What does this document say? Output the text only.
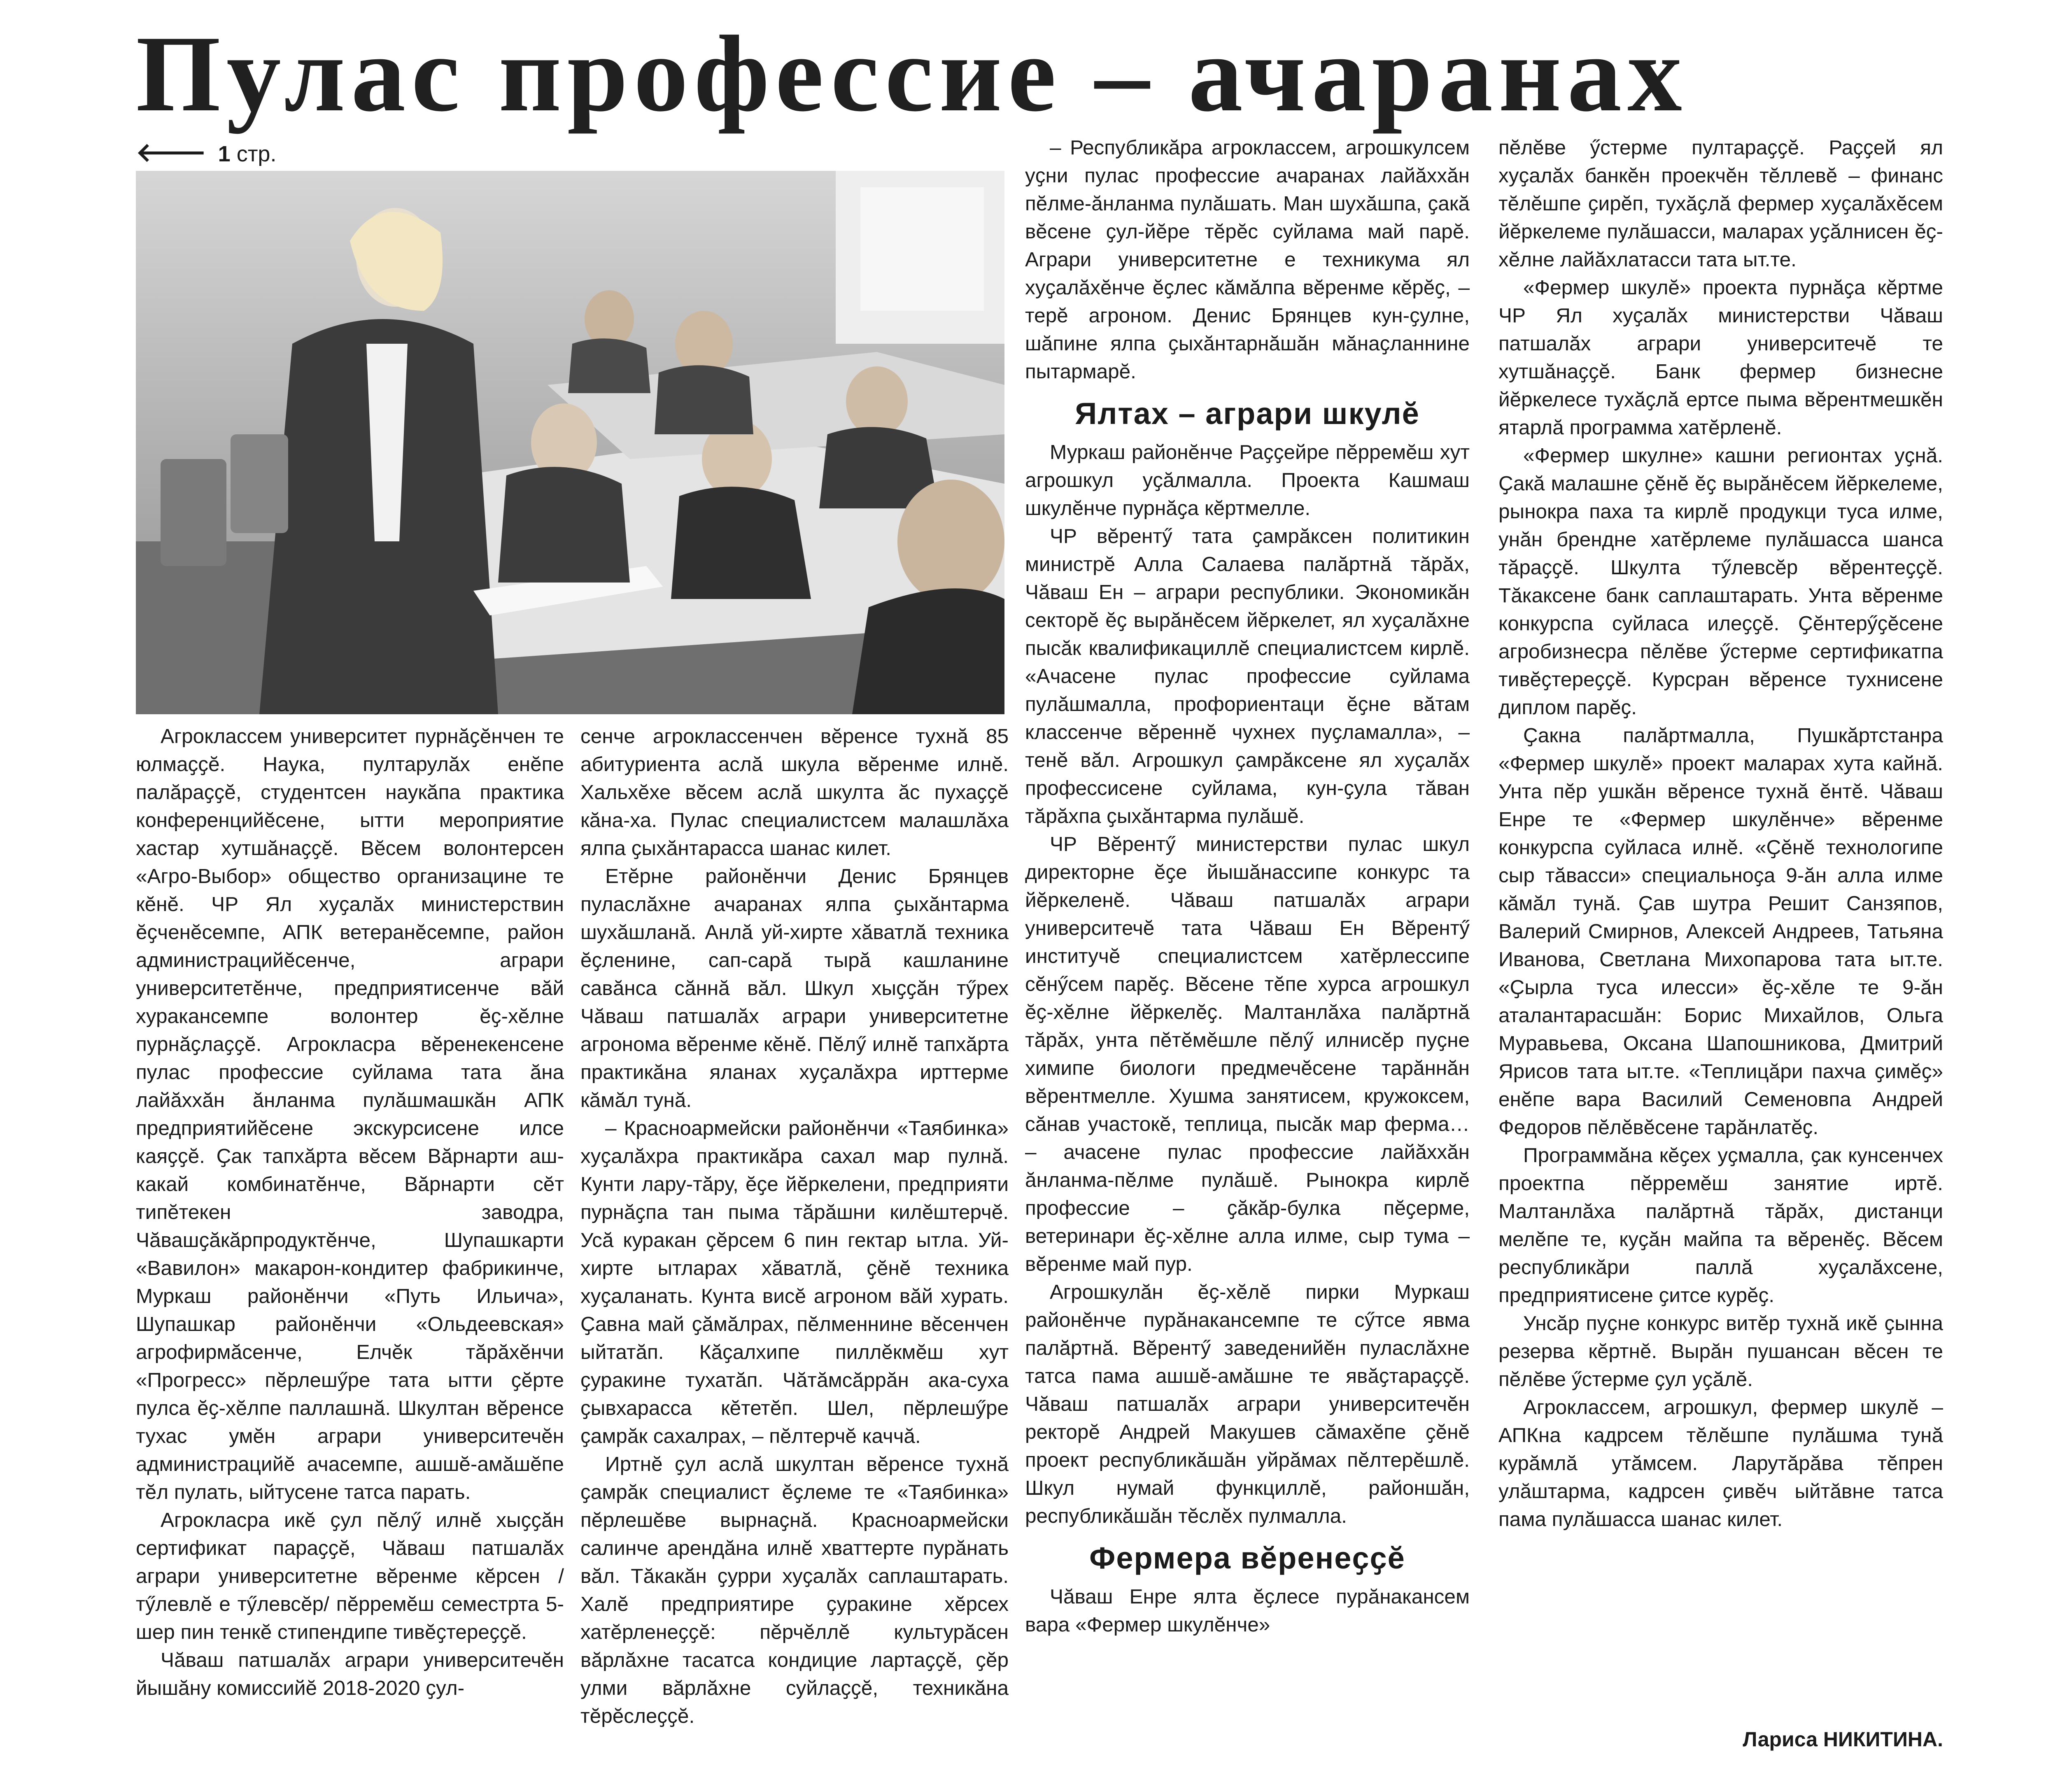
Пулас профессие – ачаранах
🡐 1 стр.

Агроклассем университет пурнӑҫӗнчен те юлмаҫҫӗ. Наука, пултарулӑх енӗпе палӑраҫҫӗ, студентсен наукӑпа практика конференцийӗсене, ытти мероприятие хастар хутшӑнаҫҫӗ. Вӗсем волонтерсен «Агро-Выбор» общество организацине те кӗнӗ. ЧР Ял хуҫалӑх министерствин ӗҫченӗсемпе, АПК ветеранӗсемпе, район администрацийӗсенче, аграри университетӗнче, предприятисенче вӑй хуракансемпе волонтер ӗҫ-хӗлне пурнӑҫлаҫҫӗ. Агрокласра вӗренекенсене пулас профессие суйлама тата ӑна лайӑххӑн ӑнланма пулӑшмашкӑн АПК предприятийӗсене экскурсисене илсе каяҫҫӗ. Ҫак тапхӑрта вӗсем Вӑрнарти аш-какай комбинатӗнче, Вӑрнарти сӗт типӗтекен заводра, Чӑвашҫӑкӑрпродуктӗнче, Шупашкарти «Вавилон» макарон-кондитер фабрикинче, Муркаш районӗнчи «Путь Ильича», Шупашкар районӗнчи «Ольдеевская» агрофирмӑсенче, Елчӗк тӑрӑхӗнчи «Прогресс» пӗрлешӳре тата ытти ҫӗрте пулса ӗҫ-хӗлпе паллашнӑ. Шкултан вӗренсе тухас умӗн аграри университечӗн администрацийӗ ачасемпе, ашшӗ-амӑшӗпе тӗл пулать, ыйтусене татса парать.

Агрокласра икӗ ҫул пӗлӳ илнӗ хыҫҫӑн сертификат параҫҫӗ, Чӑваш патшалӑх аграри университетне вӗренме кӗрсен /тӳлевлӗ е тӳлевсӗр/ пӗрремӗш семестрта 5-шер пин тенкӗ стипендипе тивӗҫтереҫҫӗ.

Чӑваш патшалӑх аграри университечӗн йышӑну комиссийӗ 2018-2020 ҫул-

сенче агроклассенчен вӗренсе тухнӑ 85 абитуриента аслӑ шкула вӗренме илнӗ. Хальхӗхе вӗсем аслӑ шкулта ӑс пухаҫҫӗ кӑна-ха. Пулас специалистсем малашлӑха ялпа ҫыхӑнтарасса шанас килет.

Етӗрне районӗнчи Денис Брянцев пуласлӑхне ачаранах ялпа ҫыхӑнтарма шухӑшланӑ. Анлӑ уй-хирте хӑватлӑ техника ӗҫленине, сап-сарӑ тырӑ кашланине савӑнса сӑннӑ вӑл. Шкул хыҫҫӑн тӳрех Чӑваш патшалӑх аграри университетне агронома вӗренме кӗнӗ. Пӗлӳ илнӗ тапхӑрта практикӑна яланах хуҫалӑхра ирттерме кӑмӑл тунӑ.

– Красноармейски районӗнчи «Таябинка» хуҫалӑхра практикӑра сахал мар пулнӑ. Кунти лару-тӑру, ӗҫе йӗркелени, предприяти пурнӑҫпа тан пыма тӑрӑшни килӗштерчӗ. Усӑ куракан ҫӗрсем 6 пин гектар ытла. Уй-хирте ытларах хӑватлӑ, ҫӗнӗ техника хуҫаланать. Кунта висӗ агроном вӑй хурать. Ҫавна май ҫӑмӑлрах, пӗлменнине вӗсенчен ыйтатӑп. Кӑҫалхипе пиллӗкмӗш хут ҫуракине тухатӑп. Чӑтӑмсӑррӑн ака-суха ҫывхарасса кӗтетӗп. Шел, пӗрлешӳре ҫамрӑк сахалрах, – пӗлтерчӗ каччӑ.

Иртнӗ ҫул аслӑ шкултан вӗренсе тухнӑ ҫамрӑк специалист ӗҫлеме те «Таябинка» пӗрлешӗве вырнаҫнӑ. Красноармейски салинче арендӑна илнӗ хваттерте пурӑнать вӑл. Тӑкакӑн ҫурри хуҫалӑх саплаштарать. Халӗ предприятире ҫуракине хӗрсех хатӗрленеҫҫӗ: пӗрчӗллӗ культурӑсен вӑрлӑхне тасатса кондицие лартаҫҫӗ, ҫӗр улми вӑрлӑхне суйлаҫҫӗ, техникӑна тӗрӗслеҫҫӗ.

– Республикӑра агроклассем, агрошкулсем уҫни пулас профессие ачаранах лайӑххӑн пӗлме-ӑнланма пулӑшать. Ман шухӑшпа, ҫакӑ вӗсене ҫул-йӗре тӗрӗс суйлама май парӗ. Аграри университетне е техникума ял хуҫалӑхӗнче ӗҫлес кӑмӑлпа вӗренме кӗрӗҫ, – терӗ агроном. Денис Брянцев кун-ҫулне, шӑпине ялпа ҫыхӑнтарнӑшӑн мӑнаҫланнине пытармарӗ.

Ялтах – аграри шкулӗ

Муркаш районӗнче Раҫҫейре пӗрремӗш хут агрошкул уҫӑлмалла. Проекта Кашмаш шкулӗнче пурнӑҫа кӗртмелле.

ЧР вӗрентӳ тата ҫамрӑксен политикин министрӗ Алла Салаева палӑртнӑ тӑрӑх, Чӑваш Ен – аграри республики. Экономикӑн секторӗ ӗҫ вырӑнӗсем йӗркелет, ял хуҫалӑхне пысӑк квалификациллӗ специалистсем кирлӗ. «Ачасене пулас профессие суйлама пулӑшмалла, профориентаци ӗҫне вӑтам классенче вӗреннӗ чухнех пуҫламалла», – тенӗ вӑл. Агрошкул ҫамрӑксене ял хуҫалӑх профессисене суйлама, кун-ҫула тӑван тӑрӑхпа ҫыхӑнтарма пулӑшӗ.

ЧР Вӗрентӳ министерстви пулас шкул директорне ӗҫе йышӑнассипе конкурс та йӗркеленӗ. Чӑваш патшалӑх аграри университечӗ тата Чӑваш Ен Вӗрентӳ институчӗ специалистсем хатӗрлессипе сӗнӳсем парӗҫ. Вӗсене тӗпе хурса агрошкул ӗҫ-хӗлне йӗркелӗҫ. Малтанлӑха палӑртнӑ тӑрӑх, унта пӗтӗмӗшле пӗлӳ илнисӗр пуҫне химипе биологи предмечӗсене тарӑннӑн вӗрентмелле. Хушма занятисем, кружоксем, сӑнав участокӗ, теплица, пысӑк мар ферма… – ачасене пулас профессие лайӑххӑн ӑнланма-пӗлме пулӑшӗ. Рынокра кирлӗ профессие – ҫӑкӑр-булка пӗҫерме, ветеринари ӗҫ-хӗлне алла илме, сыр тума – вӗренме май пур.

Агрошкулӑн ӗҫ-хӗлӗ пирки Муркаш районӗнче пурӑнакансемпе те сӳтсе явма палӑртнӑ. Вӗрентӳ заведенийӗн пуласлӑхне татса пама ашшӗ-амӑшне те явӑҫтараҫҫӗ. Чӑваш патшалӑх аграри университечӗн ректорӗ Андрей Макушев сӑмахӗпе ҫӗнӗ проект республикӑшӑн уйрӑмах пӗлтерӗшлӗ. Шкул нумай функциллӗ, районшӑн, республикӑшӑн тӗслӗх пулмалла.

Фермера вӗренеҫҫӗ

Чӑваш Енре ялта ӗҫлесе пурӑнакансем вара «Фермер шкулӗнче»

пӗлӗве ӳстерме пултараҫҫӗ. Раҫҫей ял хуҫалӑх банкӗн проекчӗн тӗллевӗ – финанс тӗлӗшпе ҫирӗп, тухӑҫлӑ фермер хуҫалӑхӗсем йӗркелеме пулӑшасси, маларах уҫӑлнисен ӗҫ-хӗлне лайӑхлатасси тата ыт.те.

«Фермер шкулӗ» проекта пурнӑҫа кӗртме ЧР Ял хуҫалӑх министерстви Чӑваш патшалӑх аграри университечӗ те хутшӑнаҫҫӗ. Банк фермер бизнесне йӗркелесе тухӑҫлӑ ертсе пыма вӗрентмешкӗн ятарлӑ программа хатӗрленӗ.

«Фермер шкулне» кашни регионтах уҫнӑ. Ҫакӑ малашне ҫӗнӗ ӗҫ вырӑнӗсем йӗркелеме, рынокра паха та кирлӗ продукци туса илме, унӑн брендне хатӗрлеме пулӑшасса шанса тӑраҫҫӗ. Шкулта тӳлевсӗр вӗрентеҫҫӗ. Тӑкаксене банк саплаштарать. Унта вӗренме конкурспа суйласа илеҫҫӗ. Ҫӗнтерӳҫӗсене агробизнесра пӗлӗве ӳстерме сертификатпа тивӗҫтереҫҫӗ. Курсран вӗренсе тухнисене диплом парӗҫ.

Ҫакна палӑртмалла, Пушкӑртстанра «Фермер шкулӗ» проект маларах хута кайнӑ. Унта пӗр ушкӑн вӗренсе тухнӑ ӗнтӗ. Чӑваш Енре те «Фермер шкулӗнче» вӗренме конкурспа суйласа илнӗ. «Ҫӗнӗ технологипе сыр тӑвасси» специальноҫа 9-ӑн алла илме кӑмӑл тунӑ. Ҫав шутра Решит Санзяпов, Валерий Смирнов, Алексей Андреев, Татьяна Иванова, Светлана Михопарова тата ыт.те. «Ҫырла туса илесси» ӗҫ-хӗле те 9-ӑн аталантарасшӑн: Борис Михайлов, Ольга Муравьева, Оксана Шапошникова, Дмитрий Ярисов тата ыт.те. «Теплицӑри пахча ҫимӗҫ» енӗпе вара Василий Семеновпа Андрей Федоров пӗлӗвӗсене тарӑнлатӗҫ.

Программӑна кӗҫех уҫмалла, ҫак кунсенчех проектпа пӗрремӗш занятие иртӗ. Малтанлӑха палӑртнӑ тӑрӑх, дистанци мелӗпе те, куҫӑн майпа та вӗренӗҫ. Вӗсем республикӑри паллӑ хуҫалӑхсене, предприятисене ҫитсе курӗҫ.

Унсӑр пуҫне конкурс витӗр тухнӑ икӗ ҫынна резерва кӗртнӗ. Вырӑн пушансан вӗсен те пӗлӗве ӳстерме ҫул уҫӑлӗ.

Агроклассем, агрошкул, фермер шкулӗ – АПКна кадрсем тӗлӗшпе пулӑшма тунӑ курӑмлӑ утӑмсем. Ларутӑрӑва тӗпрен улӑштарма, кадрсен ҫивӗч ыйтӑвне татса пама пулӑшасса шанас килет.

Лариса НИКИТИНА.
